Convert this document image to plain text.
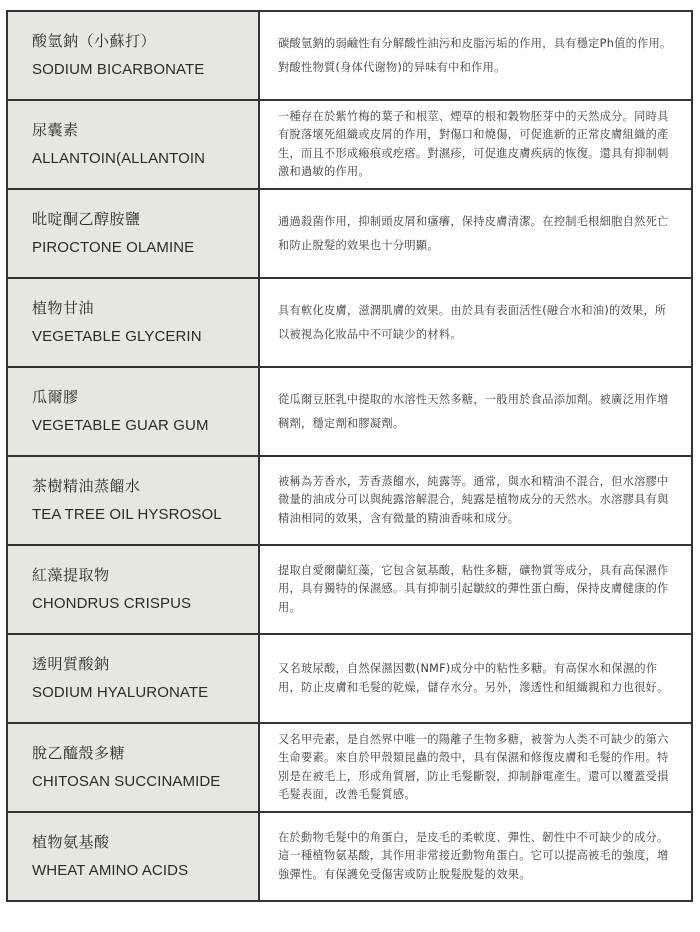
酸氫鈉（小蘇打）
SODIUM BICARBONATE	碳酸氫鈉的弱鹼性有分解酸性油污和皮脂污垢的作用，具有穩定Ph值的作用。對酸性物質(身体代谢物)的异味有中和作用。

尿囊素
ALLANTOIN(ALLANTOIN	一種存在於紫竹梅的葉子和根莖、煙草的根和穀物胚芽中的天然成分。同時具有脫落壞死組織或皮屑的作用，對傷口和燒傷，可促進新的正常皮膚組織的產生，而且不形成瘢痕或疙瘩。對濕疹，可促進皮膚疾病的恢復。還具有抑制刺激和過敏的作用。

吡啶酮乙醇胺鹽
PIROCTONE OLAMINE	通過殺菌作用，抑制頭皮屑和瘙癢，保持皮膚清潔。在控制毛根細胞自然死亡和防止脫髮的效果也十分明顯。

植物甘油
VEGETABLE GLYCERIN	具有軟化皮膚，滋潤肌膚的效果。由於具有表面活性(融合水和油)的效果，所以被視為化妝品中不可缺少的材料。

瓜爾膠
VEGETABLE GUAR GUM	從瓜爾豆胚乳中提取的水溶性天然多糖，一般用於食品添加劑。被廣泛用作增稠劑，穩定劑和膠凝劑。

茶樹精油蒸餾水
TEA TREE OIL HYSROSOL	被稱為芳香水，芳香蒸餾水，純露等。通常，與水和精油不混合，但水溶膠中微量的油成分可以與純露溶解混合，純露是植物成分的天然水。水溶膠具有與精油相同的效果，含有微量的精油香味和成分。

紅藻提取物
CHONDRUS CRISPUS	提取自愛爾蘭紅藻，它包含氨基酸，粘性多糖，礦物質等成分，具有高保濕作用，具有獨特的保濕感。具有抑制引起皺紋的彈性蛋白酶，保持皮膚健康的作用。

透明質酸鈉
SODIUM HYALURONATE	又名玻尿酸，自然保濕因數(NMF)成分中的粘性多糖。有高保水和保濕的作用，防止皮膚和毛髮的乾燥，儲存水分。另外，滲透性和組織親和力也很好。

脫乙醯殼多糖
CHITOSAN SUCCINAMIDE	又名甲壳素，是自然界中唯一的陽離子生物多糖，被誉为人类不可缺少的第六生命要素。來自於甲殼類昆蟲的殼中，具有保濕和修復皮膚和毛髮的作用。特別是在被毛上，形成角質層，防止毛髮斷裂，抑制靜電產生。還可以覆蓋受損毛髮表面，改善毛髮質感。

植物氨基酸
WHEAT AMINO ACIDS	在於動物毛髮中的角蛋白，是皮毛的柔軟度、彈性、韌性中不可缺少的成分。這一種植物氨基酸，其作用非常接近動物角蛋白。它可以提高被毛的強度，增強彈性。有保護免受傷害或防止脫髮脫髮的效果。
